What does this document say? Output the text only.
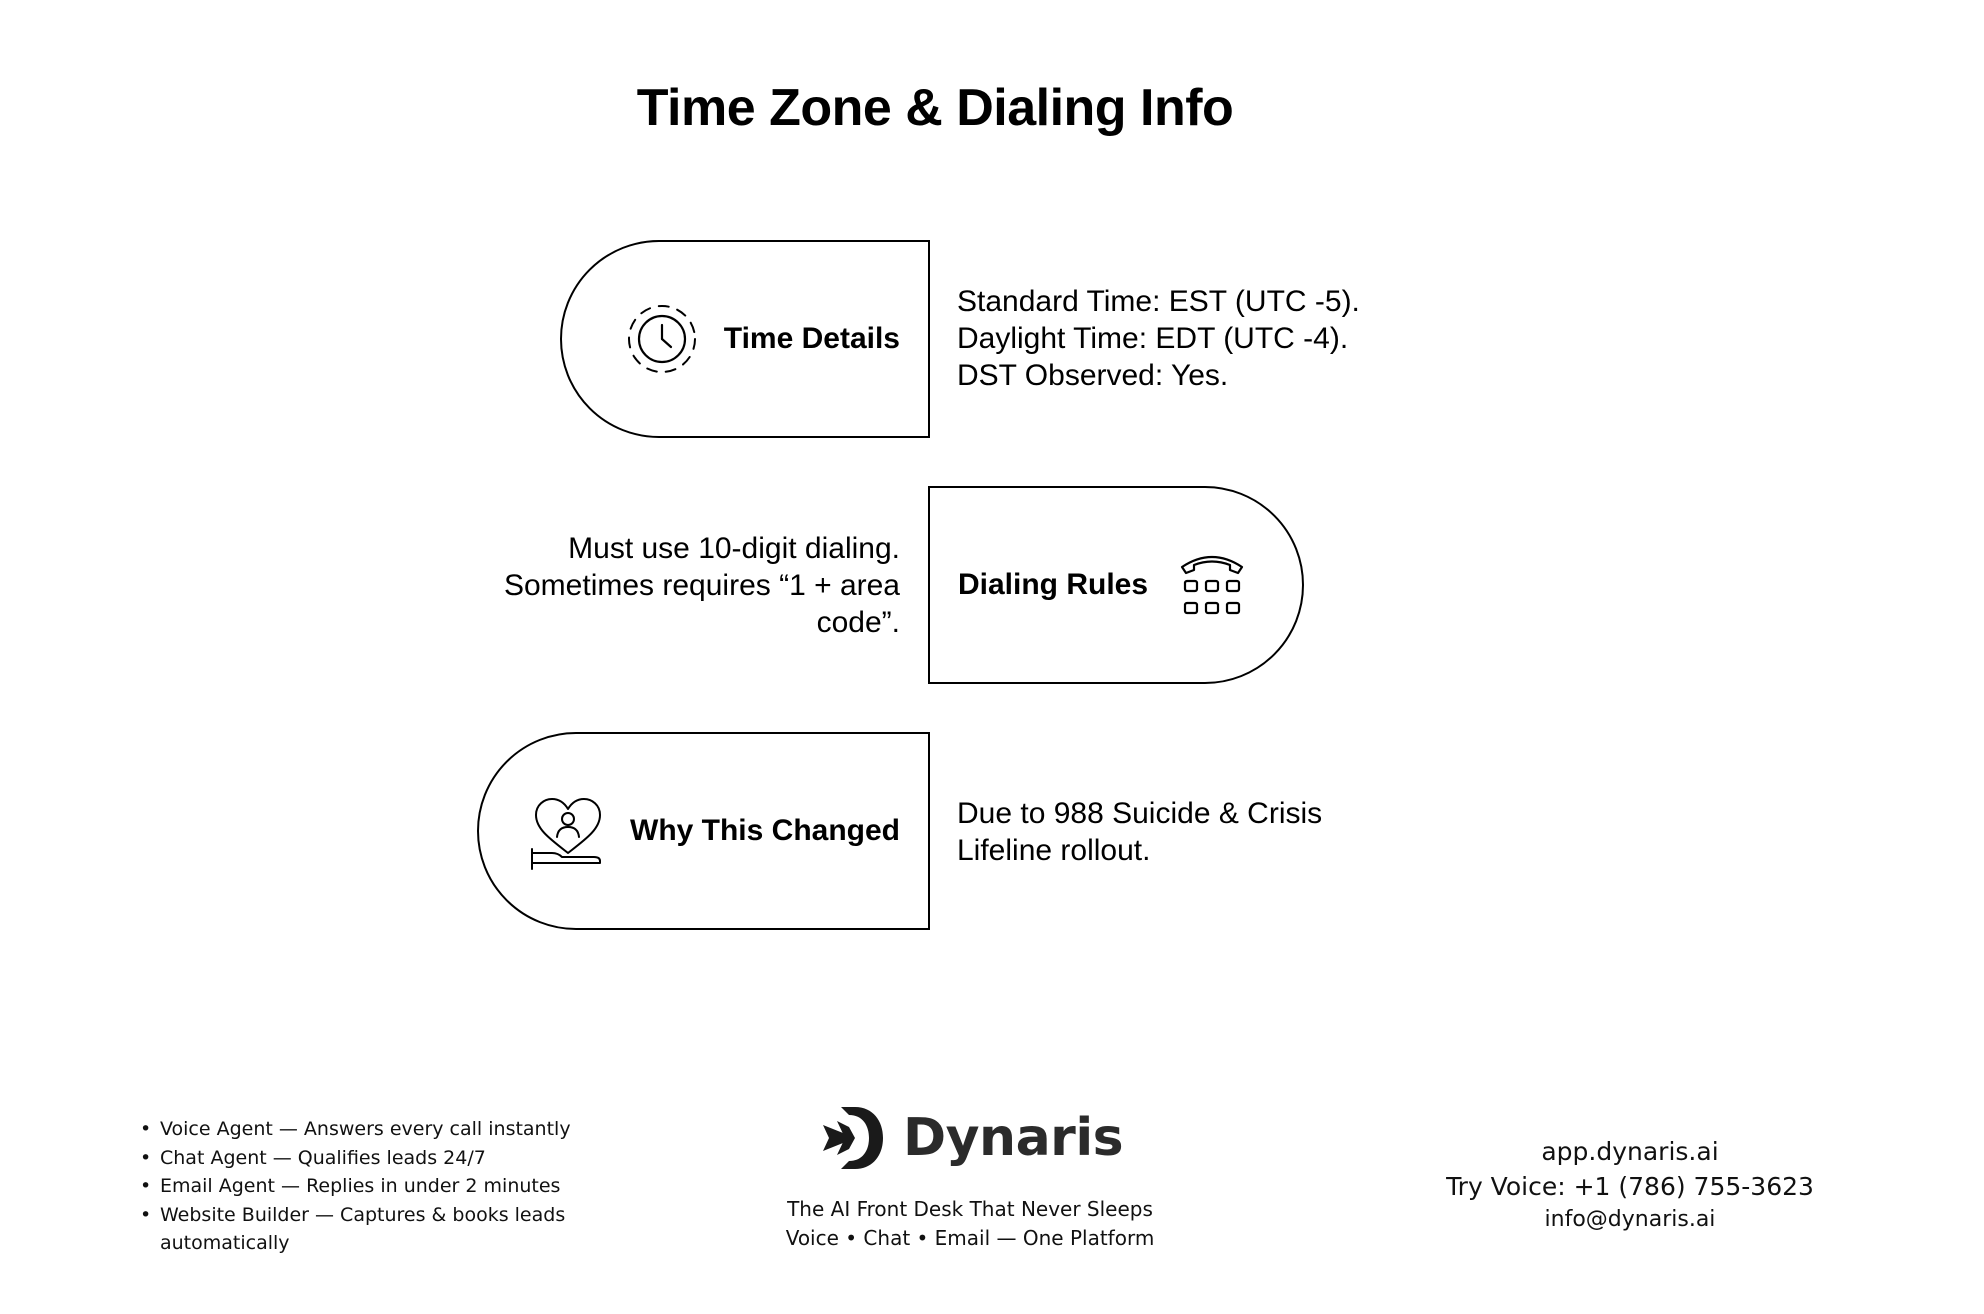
Time Zone & Dialing Info
Time Details
Standard Time: EST (UTC -5).
Daylight Time: EDT (UTC -4).
DST Observed: Yes.
Dialing Rules
Must use 10-digit dialing.
Sometimes requires “1 + area
code”.
Why This Changed
Due to 988 Suicide & Crisis
Lifeline rollout.
• Voice Agent — Answers every call instantly
• Chat Agent — Qualifies leads 24/7
• Email Agent — Replies in under 2 minutes
• Website Builder — Captures & books leads automatically
Dynaris
The AI Front Desk That Never Sleeps
Voice • Chat • Email — One Platform
app.dynaris.ai
Try Voice: +1 (786) 755-3623
info@dynaris.ai
